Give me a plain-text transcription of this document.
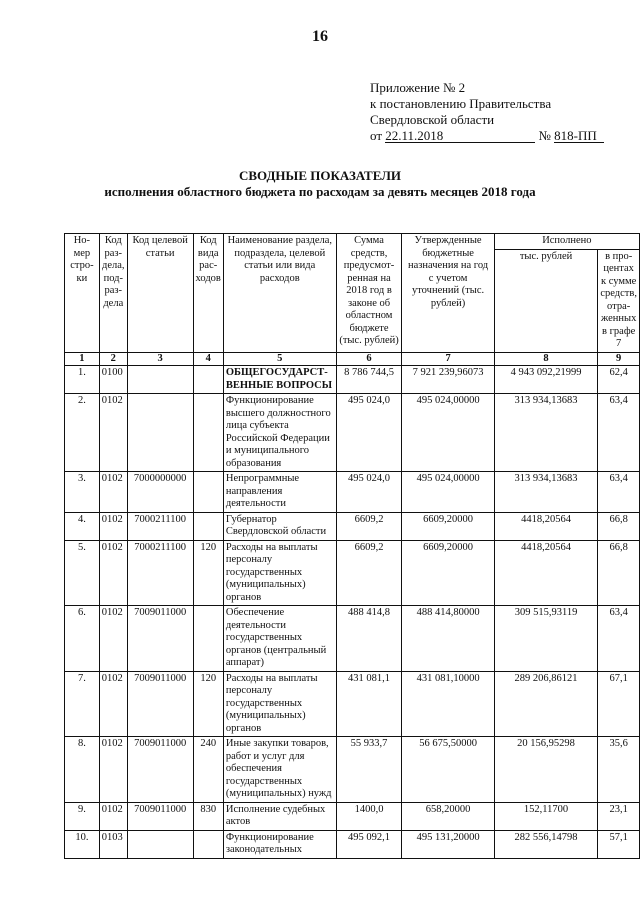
16
Приложение № 2
к постановлению Правительства
Свердловской области
от 22.11.2018	№ 818-ПП
СВОДНЫЕ ПОКАЗАТЕЛИ
исполнения областного бюджета по расходам за девять месяцев 2018 года
Но-мер стро-ки	Код раз-дела, под-раз-дела	Код целевой статьи	Код вида рас-ходов	Наименование раздела, подраздела, целевой статьи или вида расходов	Сумма средств, предусмот-ренная на 2018 год в законе об областном бюджете (тыс. рублей)	Утвержденные бюджетные назначения на год с учетом уточнений (тыс. рублей)	Исполнено	
							тыс. рублей	в про-центах к сумме средств, отра-женных в графе 7
1	2	3	4	5	6	7	8	9
1.	0100			ОБЩЕГОСУДАРСТ-ВЕННЫЕ ВОПРОСЫ	8 786 744,5	7 921 239,96073	4 943 092,21999	62,4
2.	0102			Функционирование высшего должностного лица субъекта Российской Федерации и муниципального образования	495 024,0	495 024,00000	313 934,13683	63,4
3.	0102	7000000000		Непрограммные направления деятельности	495 024,0	495 024,00000	313 934,13683	63,4
4.	0102	7000211100		Губернатор Свердловской области	6609,2	6609,20000	4418,20564	66,8
5.	0102	7000211100	120	Расходы на выплаты персоналу государственных (муниципальных) органов	6609,2	6609,20000	4418,20564	66,8
6.	0102	7009011000		Обеспечение деятельности государственных органов (центральный аппарат)	488 414,8	488 414,80000	309 515,93119	63,4
7.	0102	7009011000	120	Расходы на выплаты персоналу государственных (муниципальных) органов	431 081,1	431 081,10000	289 206,86121	67,1
8.	0102	7009011000	240	Иные закупки товаров, работ и услуг для обеспечения государственных (муниципальных) нужд	55 933,7	56 675,50000	20 156,95298	35,6
9.	0102	7009011000	830	Исполнение судебных актов	1400,0	658,20000	152,11700	23,1
10.	0103			Функционирование законодательных	495 092,1	495 131,20000	282 556,14798	57,1
